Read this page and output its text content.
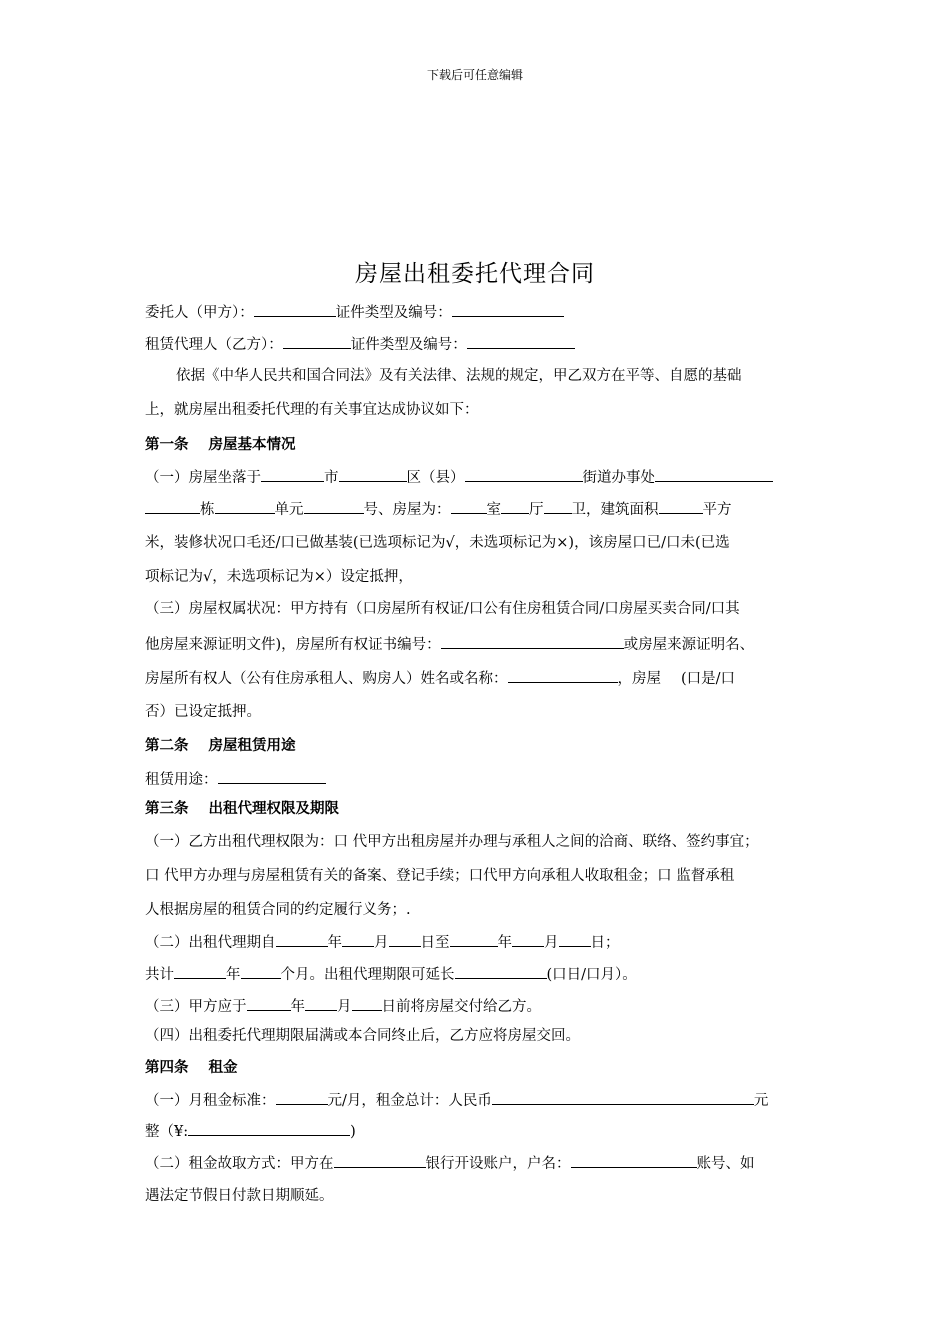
下载后可任意编辑
房屋出租委托代理合同
委托人（甲方）：	证件类型及编号：
租赁代理人（乙方）：	证件类型及编号：
依据《中华人民共和国合同法》及有关法律、法规的规定，甲乙双方在平等、自愿的基础
上，就房屋出租委托代理的有关事宜达成协议如下：
第一条 房屋基本情况
（一）房屋坐落于	市	区（县）	街道办事处
栋	单元	号、房屋为： 室 厅 卫，建筑面积	平方
米，装修状况口毛还/口已做基装(已选项标记为√，未选项标记为×)，该房屋口已/口未(已选
项标记为√，未选项标记为×）设定抵押，
（三）房屋权属状况：甲方持有（口房屋所有权证/口公有住房租赁合同/口房屋买卖合同/口其
他房屋来源证明文件)，房屋所有权证书编号：	或房屋来源证明名、
房屋所有权人（公有住房承租人、购房人）姓名或名称：	，房屋 (口是/口
否）已设定抵押。
第二条 房屋租赁用途
租赁用途：
第三条 出租代理权限及期限
（一）乙方出租代理权限为：口 代甲方出租房屋并办理与承租人之间的洽商、联络、签约事宜；
口 代甲方办理与房屋租赁有关的备案、登记手续；口代甲方向承租人收取租金；口 监督承租
人根据房屋的租赁合同的约定履行义务；.
（二）出租代理期自	年 月 日至	年 月 日；
共计	年	个月。出租代理期限可延长	(口日/口月）。
（三）甲方应于	年 月 日前将房屋交付给乙方。
（四）出租委托代理期限届满或本合同终止后，乙方应将房屋交回。
第四条 租金
（一）月租金标准：	元/月，租金总计：人民币	元
整（¥:	)
（二）租金故取方式：甲方在	银行开设账户，户名：	账号、如
遇法定节假日付款日期顺延。
